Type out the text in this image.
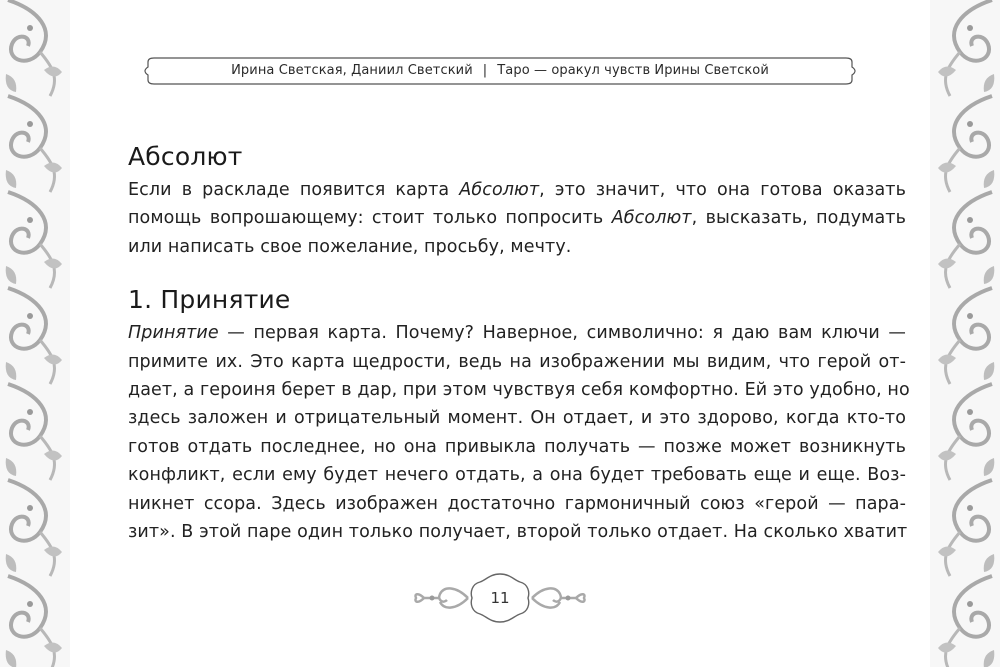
Ирина Светская, Даниил Светский | Таро — оракул чувств Ирины Светской
Абсолют

Если в раскладе появится карта Абсолют, это значит, что она готова оказать
помощь вопрошающему: стоит только попросить Абсолют, высказать, подумать
или написать свое пожелание, просьбу, мечту.

1. Принятие

Принятие — первая карта. Почему? Наверное, символично: я даю вам ключи —
примите их. Это карта щедрости, ведь на изображении мы видим, что герой от-
дает, а героиня берет в дар, при этом чувствуя себя комфортно. Ей это удобно, но
здесь заложен и отрицательный момент. Он отдает, и это здорово, когда кто-то
готов отдать последнее, но она привыкла получать — позже может возникнуть
конфликт, если ему будет нечего отдать, а она будет требовать еще и еще. Воз-
никнет ссора. Здесь изображен достаточно гармоничный союз «герой — пара-
зит». В этой паре один только получает, второй только отдает. На сколько хватит

11
